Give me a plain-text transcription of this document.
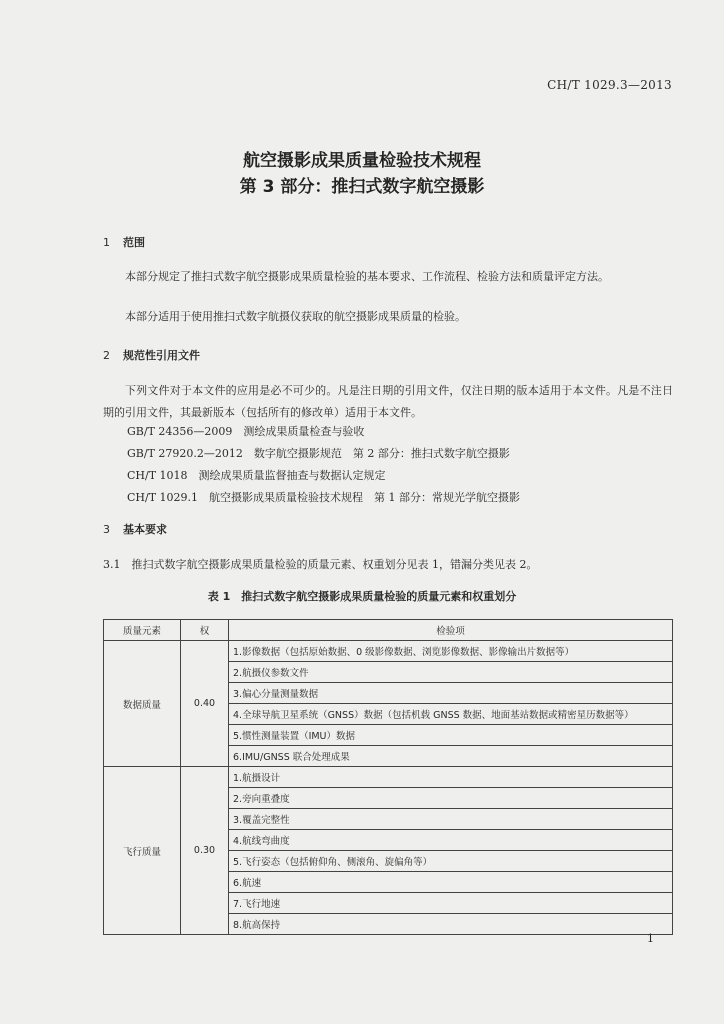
CH/T 1029.3—2013
航空摄影成果质量检验技术规程
第 3 部分：推扫式数字航空摄影
1 范围
本部分规定了推扫式数字航空摄影成果质量检验的基本要求、工作流程、检验方法和质量评定方法。
本部分适用于使用推扫式数字航摄仪获取的航空摄影成果质量的检验。
2 规范性引用文件
下列文件对于本文件的应用是必不可少的。凡是注日期的引用文件，仅注日期的版本适用于本文件。凡是不注日期的引用文件，其最新版本（包括所有的修改单）适用于本文件。
GB/T 24356—2009　测绘成果质量检查与验收
GB/T 27920.2—2012　数字航空摄影规范　第 2 部分：推扫式数字航空摄影
CH/T 1018　测绘成果质量监督抽查与数据认定规定
CH/T 1029.1　航空摄影成果质量检验技术规程　第 1 部分：常规光学航空摄影
3 基本要求
3.1　推扫式数字航空摄影成果质量检验的质量元素、权重划分见表 1，错漏分类见表 2。
表 1　推扫式数字航空摄影成果质量检验的质量元素和权重划分
质量元素	权	检验项
数据质量	0.40	1.影像数据（包括原始数据、0 级影像数据、浏览影像数据、影像输出片数据等）
		2.航摄仪参数文件
		3.偏心分量测量数据
		4.全球导航卫星系统（GNSS）数据（包括机载 GNSS 数据、地面基站数据或精密星历数据等）
		5.惯性测量装置（IMU）数据
		6.IMU/GNSS 联合处理成果
飞行质量	0.30	1.航摄设计
		2.旁向重叠度
		3.覆盖完整性
		4.航线弯曲度
		5.飞行姿态（包括俯仰角、侧滚角、旋偏角等）
		6.航速
		7.飞行地速
		8.航高保持
1
